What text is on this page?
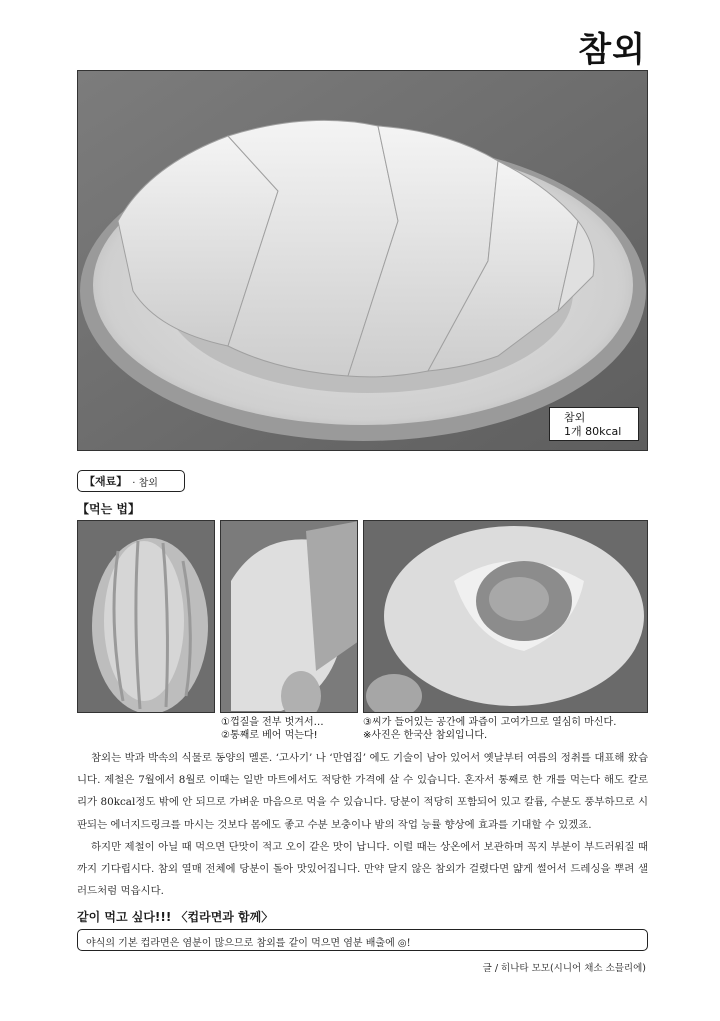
참외
참외
1개 80kcal
【재료】 · 참외
【먹는 법】
①껍질을 전부 벗겨서…
②통째로 베어 먹는다!
③씨가 들어있는 공간에 과즙이 고여가므로 열심히 마신다.
※사진은 한국산 참외입니다.

참외는 박과 박속의 식물로 동양의 멜론. ‘고사기’ 나 ‘만엽집’ 에도 기술이 남아 있어서 옛날부터 여름의 정취를 대표해 왔습니다. 제철은 7월에서 8월로 이때는 일반 마트에서도 적당한 가격에 살 수 있습니다. 혼자서 통째로 한 개를 먹는다 해도 칼로리가 80kcal정도 밖에 안 되므로 가벼운 마음으로 먹을 수 있습니다. 당분이 적당히 포함되어 있고 칼륨, 수분도 풍부하므로 시판되는 에너지드링크를 마시는 것보다 몸에도 좋고 수분 보충이나 밤의 작업 능률 향상에 효과를 기대할 수 있겠죠.

하지만 제철이 아닐 때 먹으면 단맛이 적고 오이 같은 맛이 납니다. 이럴 때는 상온에서 보관하며 꼭지 부분이 부드러워질 때까지 기다립시다. 참외 열매 전체에 당분이 돌아 맛있어집니다. 만약 달지 않은 참외가 걸렸다면 얇게 썰어서 드레싱을 뿌려 샐러드처럼 먹읍시다.

같이 먹고 싶다!!! 〈컵라면과 함께〉
야식의 기본 컵라면은 염분이 많으므로 참외를 같이 먹으면 염분 배출에 ◎!
글 / 히나타 모모(시니어 채소 소믈리에)
